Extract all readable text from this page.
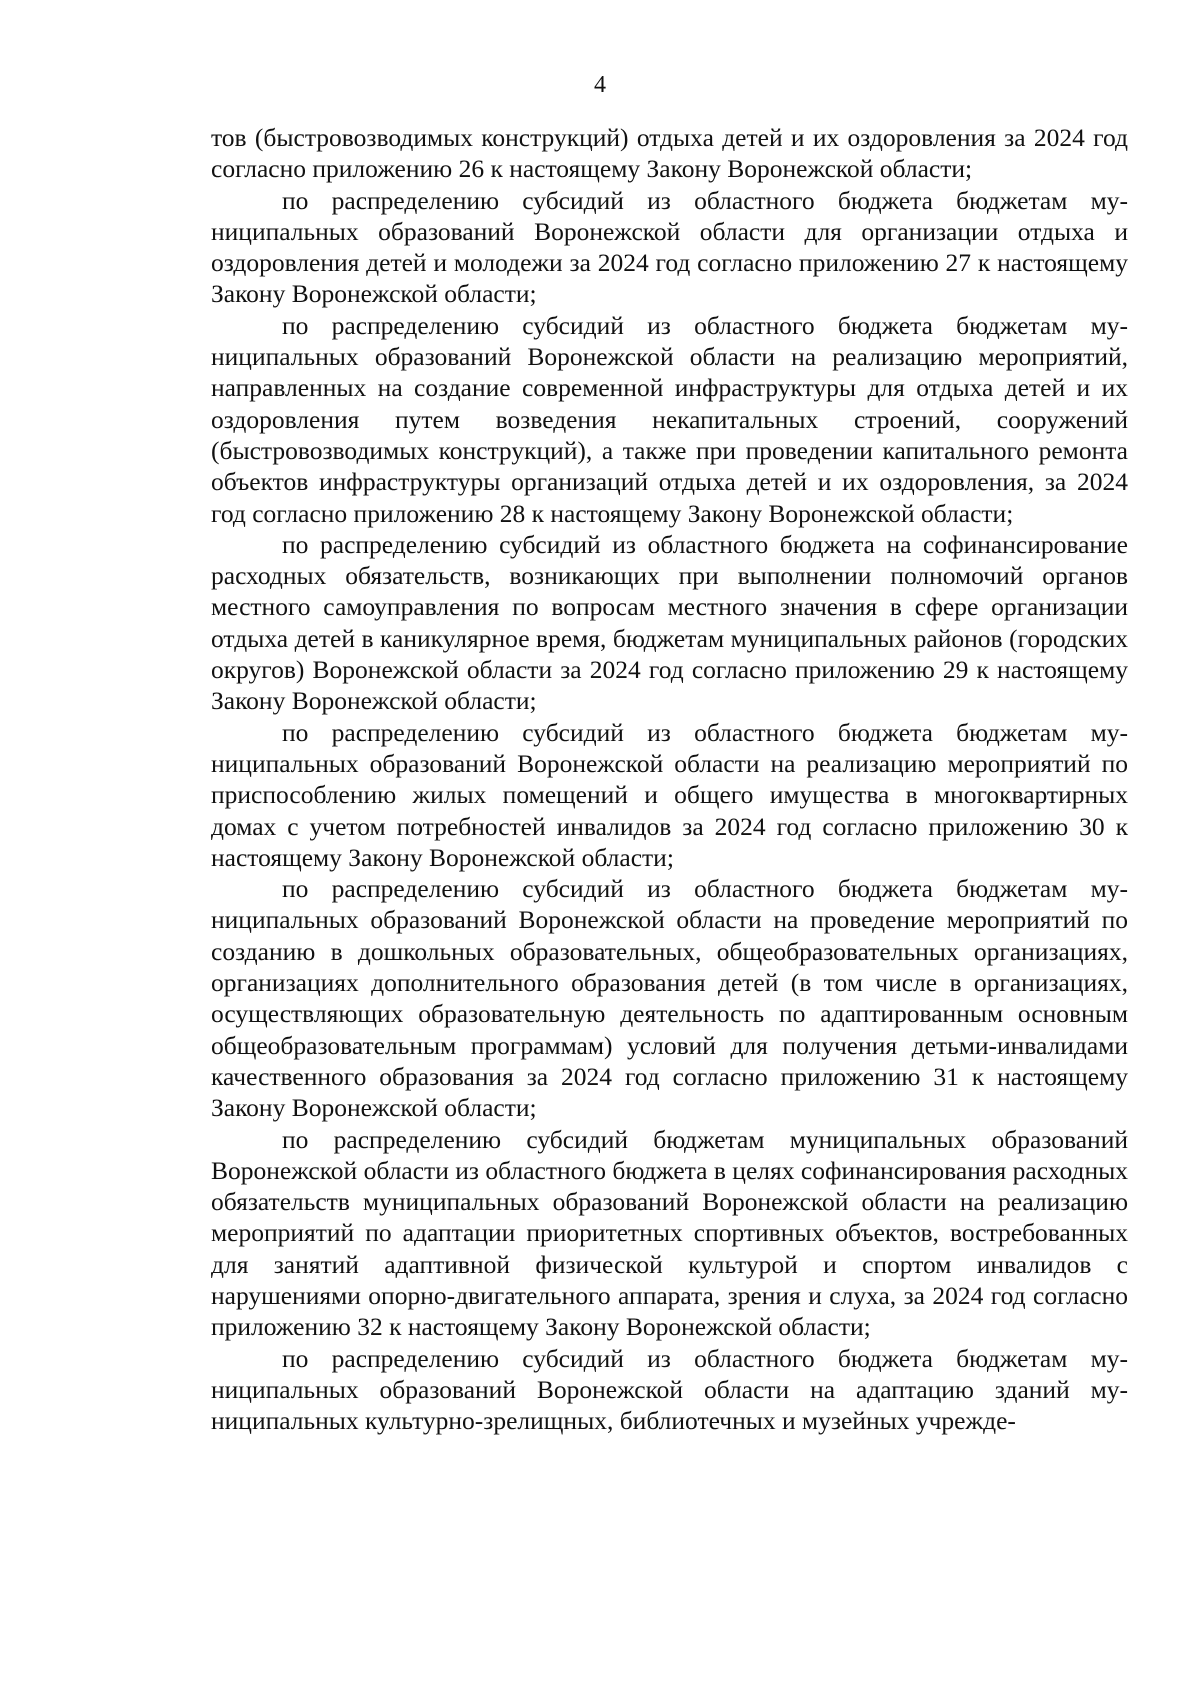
4

тов (быстровозводимых конструкций) отдыха детей и их оздоровления за 2024 год согласно приложению 26 к настоящему Закону Воронежской области;

по распределению субсидий из областного бюджета бюджетам муниципальных образований Воронежской области для организации отдыха и оздоровления детей и молодежи за 2024 год согласно приложению 27 к настоящему Закону Воронежской области;

по распределению субсидий из областного бюджета бюджетам муниципальных образований Воронежской области на реализацию мероприятий, направленных на создание современной инфраструктуры для отдыха детей и их оздоровления путем возведения некапитальных строений, сооружений (быстровозводимых конструкций), а также при проведении капитального ремонта объектов инфраструктуры организаций отдыха детей и их оздоровления, за 2024 год согласно приложению 28 к настоящему Закону Воронежской области;

по распределению субсидий из областного бюджета на софинансирование расходных обязательств, возникающих при выполнении полномочий органов местного самоуправления по вопросам местного значения в сфере организации отдыха детей в каникулярное время, бюджетам муниципальных районов (городских округов) Воронежской области за 2024 год согласно приложению 29 к настоящему Закону Воронежской области;

по распределению субсидий из областного бюджета бюджетам муниципальных образований Воронежской области на реализацию мероприятий по приспособлению жилых помещений и общего имущества в многоквартирных домах с учетом потребностей инвалидов за 2024 год согласно приложению 30 к настоящему Закону Воронежской области;

по распределению субсидий из областного бюджета бюджетам муниципальных образований Воронежской области на проведение мероприятий по созданию в дошкольных образовательных, общеобразовательных организациях, организациях дополнительного образования детей (в том числе в организациях, осуществляющих образовательную деятельность по адаптированным основным общеобразовательным программам) условий для получения детьми-инвалидами качественного образования за 2024 год согласно приложению 31 к настоящему Закону Воронежской области;

по распределению субсидий бюджетам муниципальных образований Воронежской области из областного бюджета в целях софинансирования расходных обязательств муниципальных образований Воронежской области на реализацию мероприятий по адаптации приоритетных спортивных объектов, востребованных для занятий адаптивной физической культурой и спортом инвалидов с нарушениями опорно-двигательного аппарата, зрения и слуха, за 2024 год согласно приложению 32 к настоящему Закону Воронежской области;

по распределению субсидий из областного бюджета бюджетам муниципальных образований Воронежской области на адаптацию зданий муниципальных культурно-зрелищных, библиотечных и музейных учрежде-
